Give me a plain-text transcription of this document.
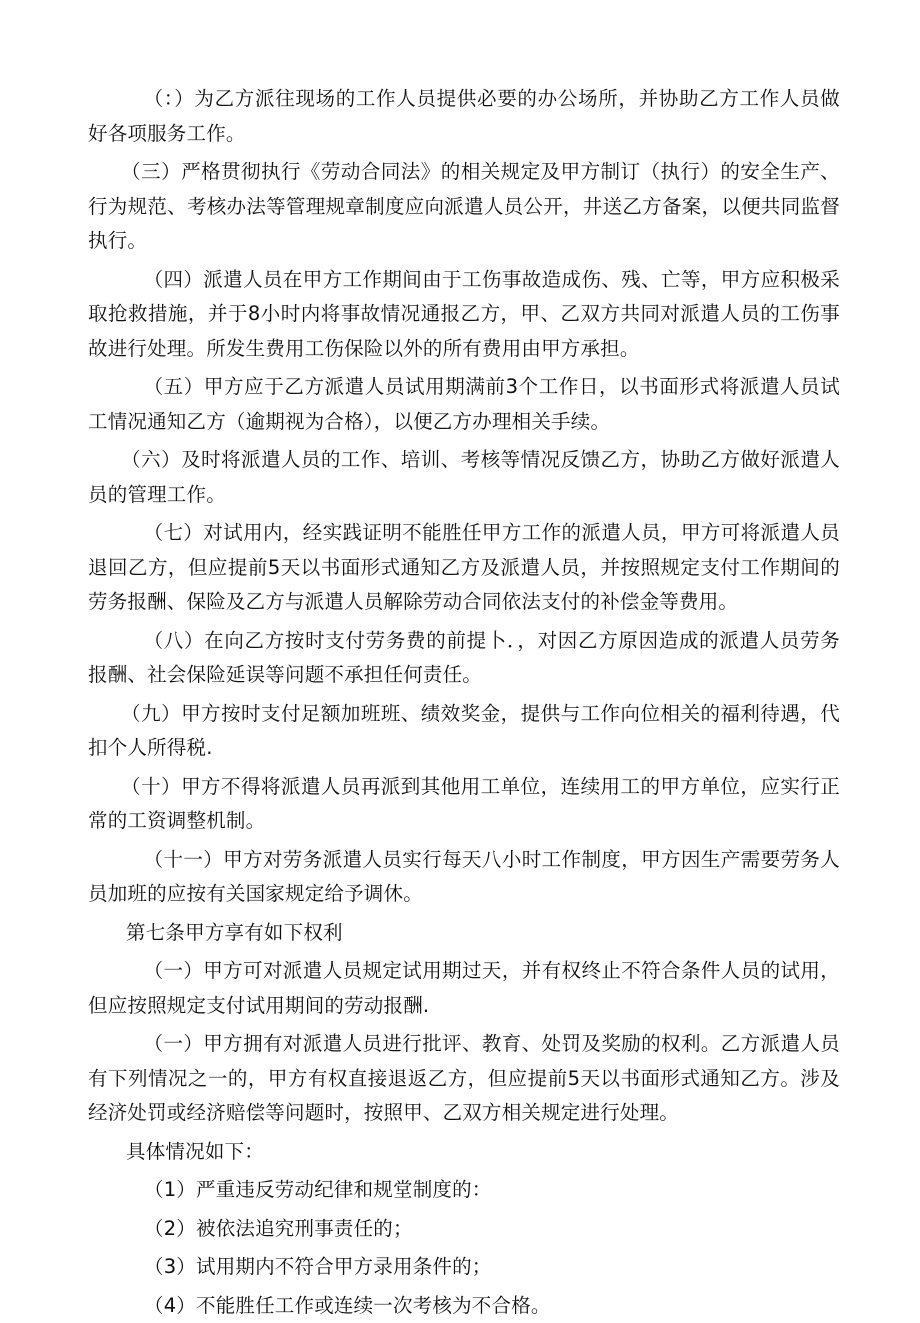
（：）为乙方派往现场的工作人员提供必要的办公场所，并协助乙方工作人员做好各项服务工作。

（三）严格贯彻执行《劳动合同法》的相关规定及甲方制订（执行）的安全生产、行为规范、考核办法等管理规章制度应向派遣人员公开，井送乙方备案，以便共同监督执行。

（四）派遣人员在甲方工作期间由于工伤事故造成伤、残、亡等，甲方应积极采取抢救措施，并于8小时内将事故情况通报乙方，甲、乙双方共同对派遣人员的工伤事故进行处理。所发生费用工伤保险以外的所有费用由甲方承担。

（五）甲方应于乙方派遣人员试用期满前3个工作日，以书面形式将派遣人员试工情况通知乙方（逾期视为合格），以便乙方办理相关手续。

（六）及时将派遣人员的工作、培训、考核等情况反馈乙方，协助乙方做好派遣人员的管理工作。

（七）对试用内，经实践证明不能胜任甲方工作的派遣人员，甲方可将派遣人员退回乙方，但应提前5天以书面形式通知乙方及派遣人员，并按照规定支付工作期间的劳务报酬、保险及乙方与派遣人员解除劳动合同依法支付的补偿金等费用。

（八）在向乙方按时支付劳务费的前提卜．，对因乙方原因造成的派遣人员劳务报酬、社会保险延误等问题不承担任何责任。

（九）甲方按时支付足额加班班、绩效奖金，提供与工作向位相关的福利待遇，代扣个人所得税.

（十）甲方不得将派遣人员再派到其他用工单位，连续用工的甲方单位，应实行正常的工资调整机制。

（十一）甲方对劳务派遣人员实行每天八小时工作制度，甲方因生产需要劳务人员加班的应按有关国家规定给予调休。

第七条甲方享有如下权利

（一）甲方可对派遣人员规定试用期过天，并有权终止不符合条件人员的试用，但应按照规定支付试用期间的劳动报酬.

（一）甲方拥有对派遣人员进行批评、教育、处罚及奖励的权利。乙方派遣人员有下列情况之一的，甲方有权直接退返乙方，但应提前5天以书面形式通知乙方。涉及经济处罚或经济赔偿等问题时，按照甲、乙双方相关规定进行处理。

具体情况如下：

（1）严重违反劳动纪律和规堂制度的：

（2）被依法追究刑事责任的；

（3）试用期内不符合甲方录用条件的；

（4）不能胜任工作或连续一次考核为不合格。
